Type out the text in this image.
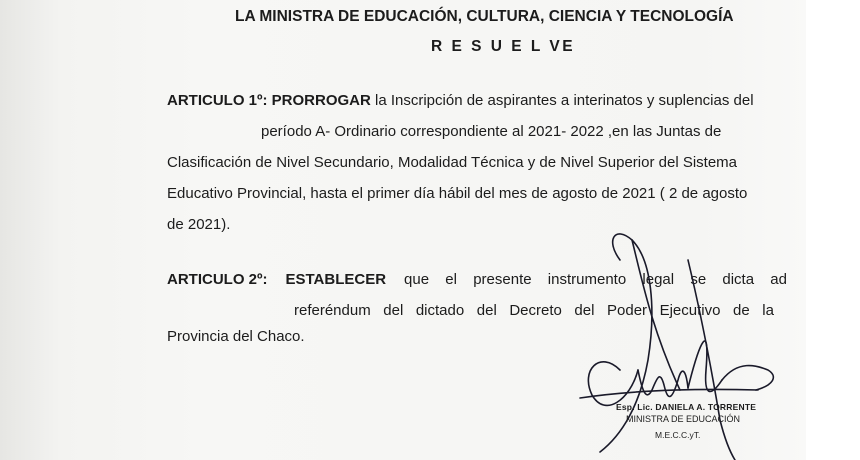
LA MINISTRA DE EDUCACIÓN, CULTURA, CIENCIA Y TECNOLOGÍA
R E S U E L VE
ARTICULO 1º: PRORROGAR la Inscripción de aspirantes a interinatos y suplencias del
período A- Ordinario correspondiente al 2021- 2022 ,en las Juntas de
Clasificación de Nivel Secundario, Modalidad Técnica y de Nivel Superior del Sistema
Educativo Provincial, hasta el primer día hábil del mes de agosto de 2021 ( 2 de agosto
de 2021).
ARTICULO 2º: ESTABLECER que el presente instrumento legal se dicta ad
referéndum del dictado del Decreto del Poder Ejecutivo de la
Provincia del Chaco.
Esp. Lic. DANIELA A. TORRENTE
MINISTRA DE EDUCACIÓN
M.E.C.C.yT.
